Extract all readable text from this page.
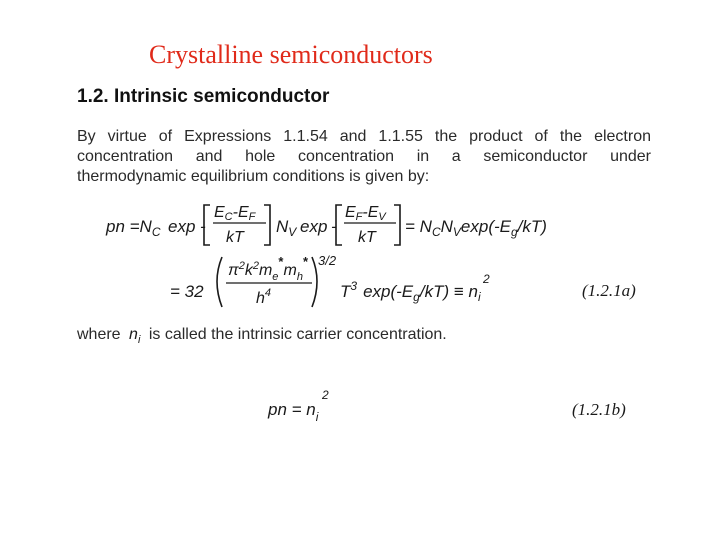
Crystalline semiconductors
1.2. Intrinsic semiconductor
By virtue of Expressions 1.1.54 and 1.1.55 the product of the electron
concentration and hole concentration in a semiconductor under
thermodynamic equilibrium conditions is given by:
pn $=N_C$ exp -
EC-EF
kT
$N_V$ exp -
EF-EV
kT
= $N_CN_V\exp(-E_g/kT)$
= 32
$\pi^2k^2m_e^*m_h^*$
$h^4$
3/2
$T^3$ $\exp(-E_g/kT) \equiv n_i$
2
(1.2.1a)
where $n_i$ is called the intrinsic carrier concentration.
pn = $n_i$
2
(1.2.1b)
